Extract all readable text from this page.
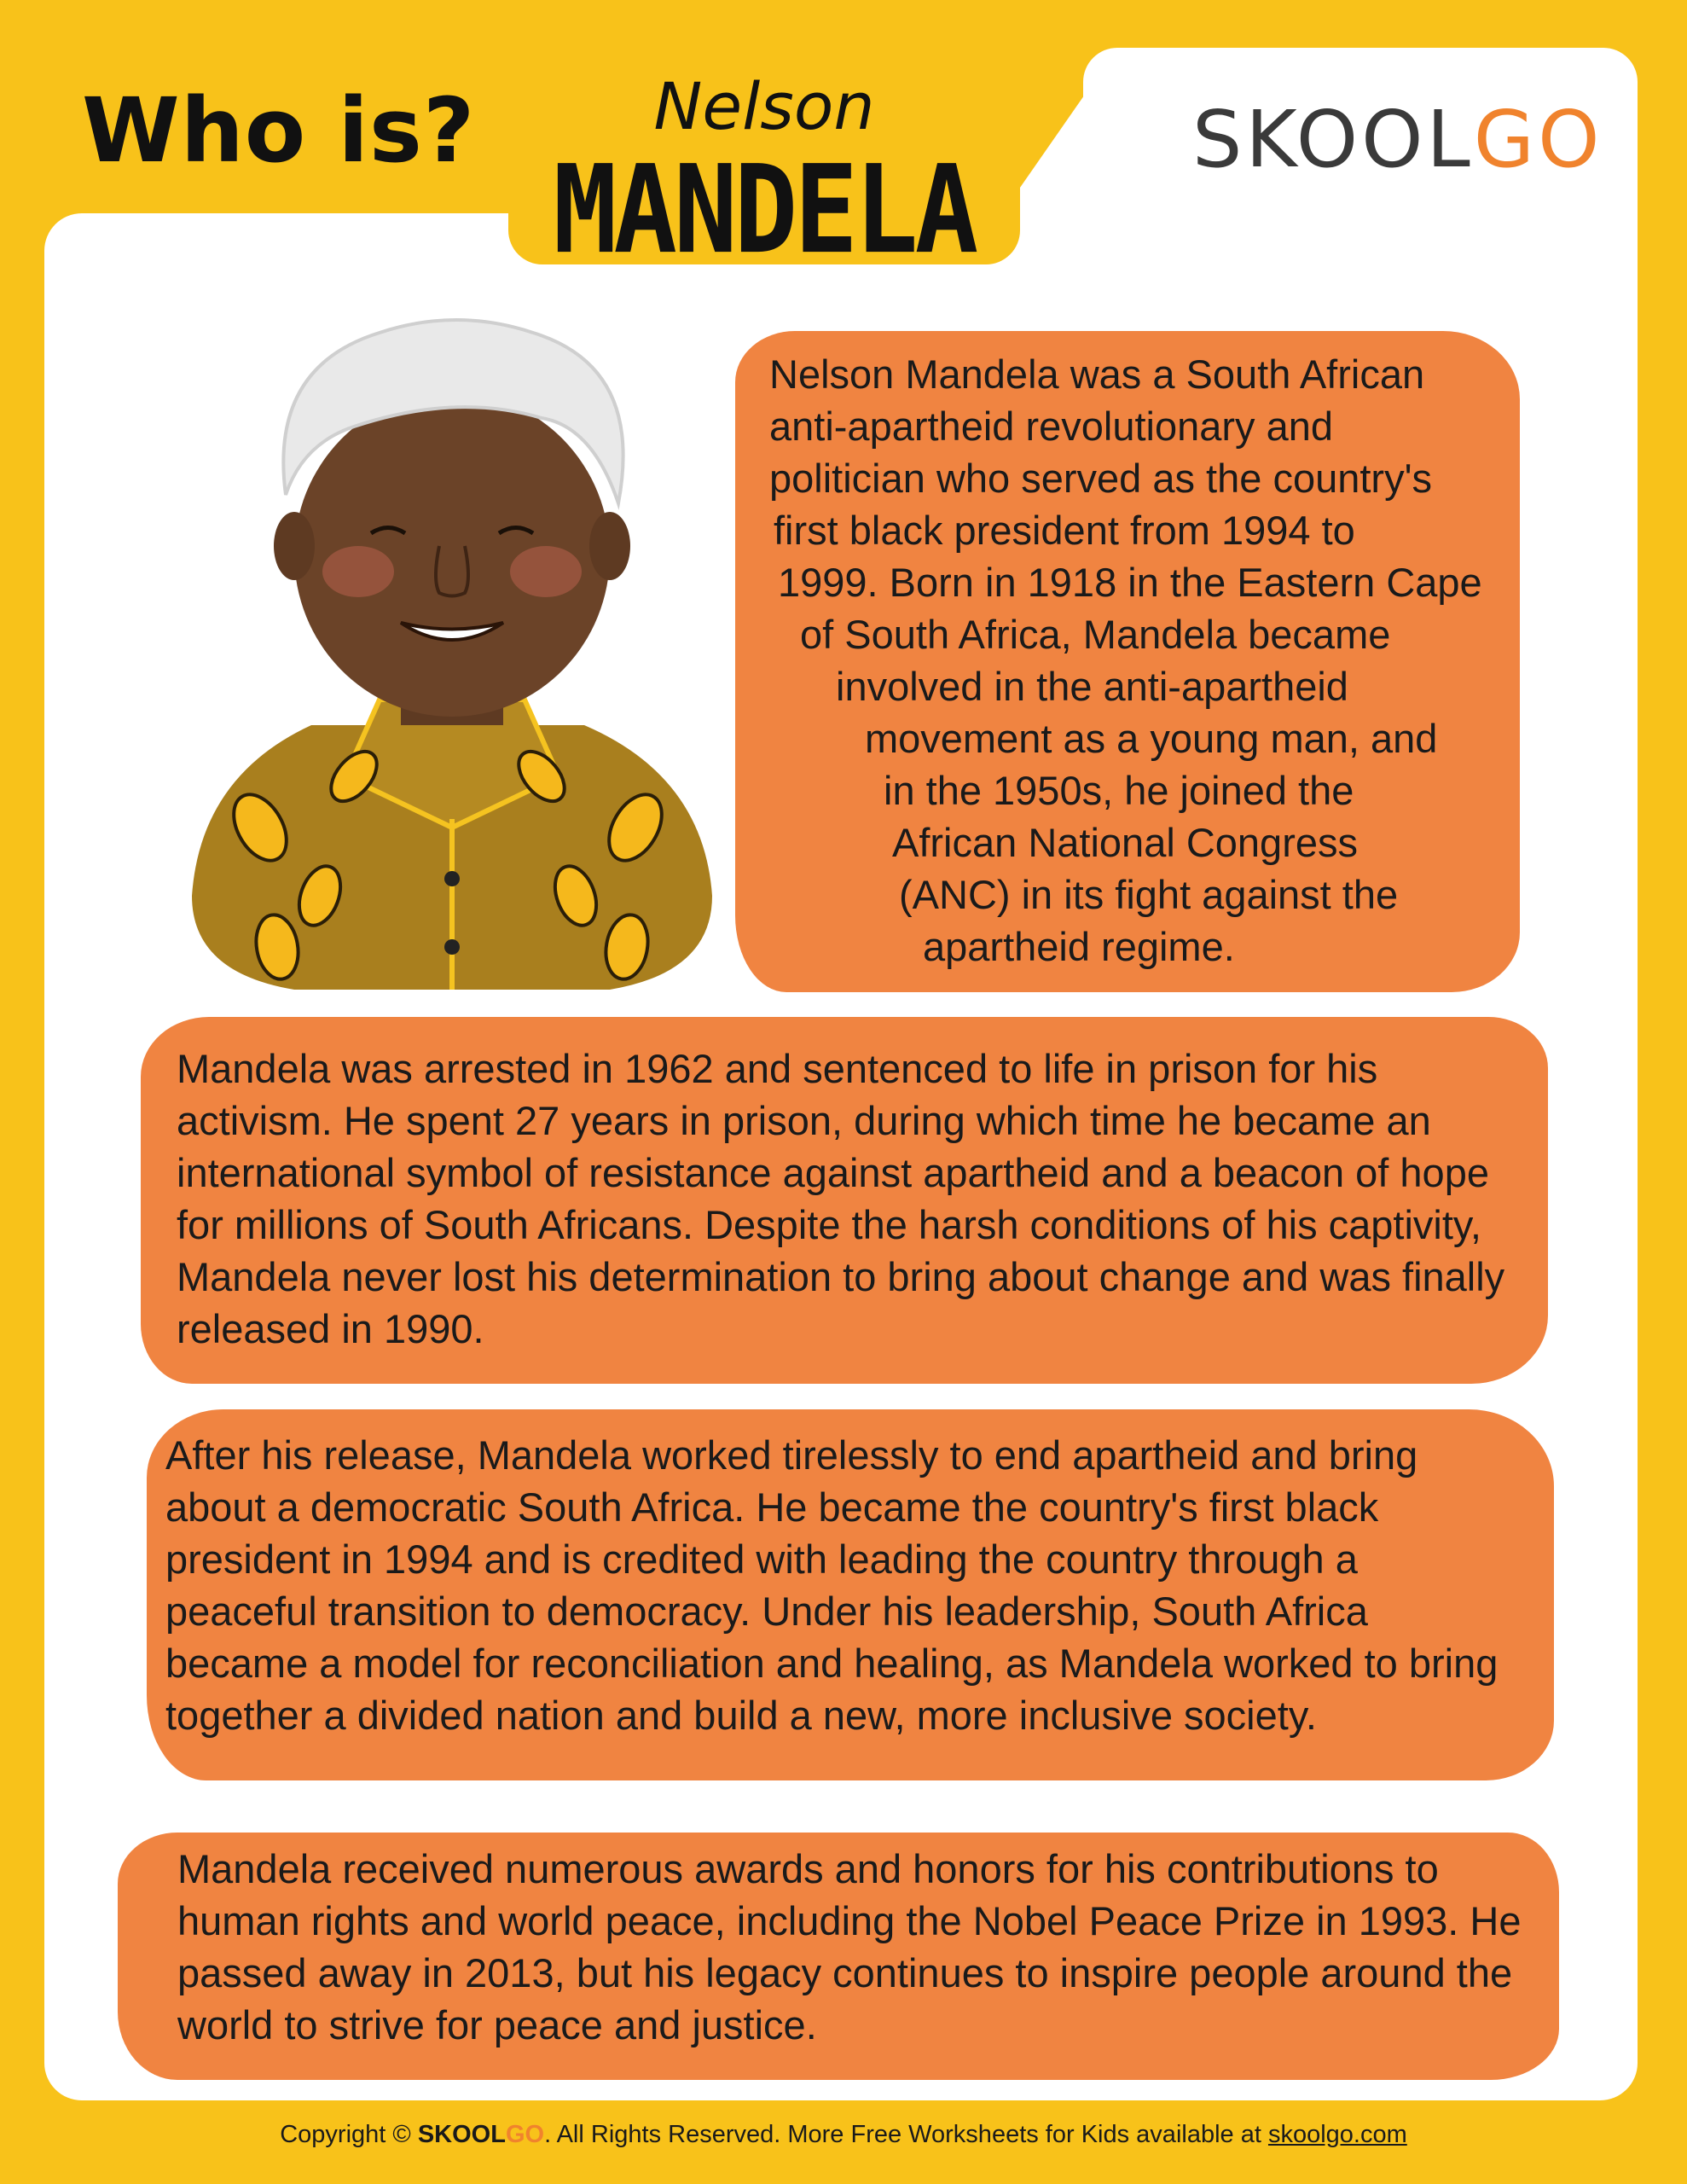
Who is?	Nelson

MANDELA

SKOOLGO
Nelson Mandela was a South African
anti-apartheid revolutionary and
politician who served as the country's
first black president from 1994 to
1999. Born in 1918 in the Eastern Cape
of South Africa, Mandela became
involved in the anti-apartheid
movement as a young man, and
in the 1950s, he joined the
African National Congress
(ANC) in its fight against the
apartheid regime.

Mandela was arrested in 1962 and sentenced to life in prison for his activism. He spent 27 years in prison, during which time he became an international symbol of resistance against apartheid and a beacon of hope for millions of South Africans. Despite the harsh conditions of his captivity, Mandela never lost his determination to bring about change and was finally released in 1990.

After his release, Mandela worked tirelessly to end apartheid and bring about a democratic South Africa. He became the country's first black president in 1994 and is credited with leading the country through a peaceful transition to democracy. Under his leadership, South Africa became a model for reconciliation and healing, as Mandela worked to bring together a divided nation and build a new, more inclusive society.

Mandela received numerous awards and honors for his contributions to human rights and world peace, including the Nobel Peace Prize in 1993. He passed away in 2013, but his legacy continues to inspire people around the world to strive for peace and justice.

Copyright © SKOOLGO. All Rights Reserved. More Free Worksheets for Kids available at skoolgo.com
